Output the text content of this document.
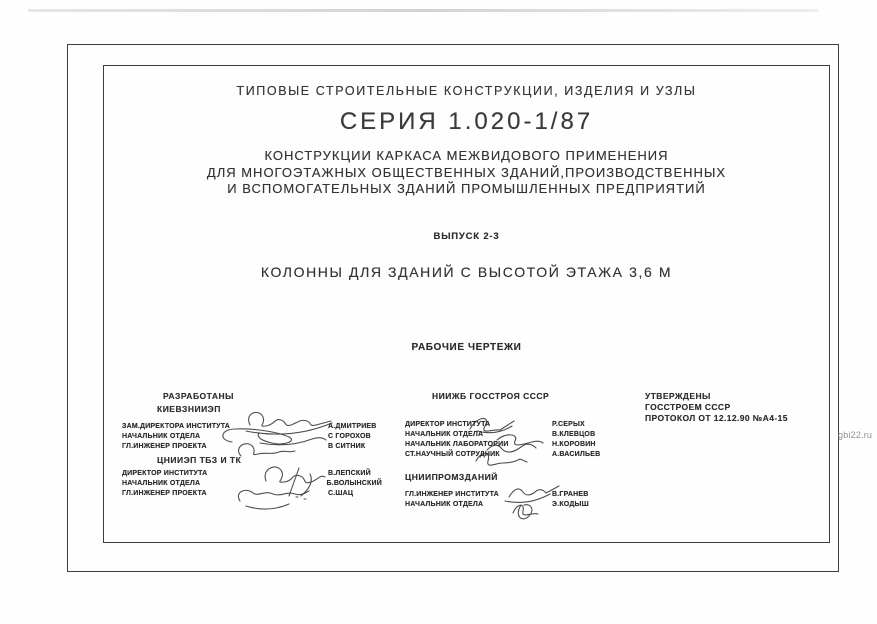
ТИПОВЫЕ СТРОИТЕЛЬНЫЕ КОНСТРУКЦИИ, ИЗДЕЛИЯ И УЗЛЫ
СЕРИЯ 1.020-1/87
КОНСТРУКЦИИ КАРКАСА МЕЖВИДОВОГО ПРИМЕНЕНИЯ
ДЛЯ МНОГОЭТАЖНЫХ ОБЩЕСТВЕННЫХ ЗДАНИЙ,ПРОИЗВОДСТВЕННЫХ
И ВСПОМОГАТЕЛЬНЫХ ЗДАНИЙ ПРОМЫШЛЕННЫХ ПРЕДПРИЯТИЙ
ВЫПУСК 2-3
КОЛОННЫ ДЛЯ ЗДАНИЙ С ВЫСОТОЙ ЭТАЖА 3,6 М
РАБОЧИЕ ЧЕРТЕЖИ
РАЗРАБОТАНЫ
КИЕВЗНИИЭП
ЗАМ.ДИРЕКТОРА ИНСТИТУТА	А.ДМИТРИЕВ
НАЧАЛЬНИК ОТДЕЛА	С ГОРОХОВ
ГЛ.ИНЖЕНЕР ПРОЕКТА	В СИТНИК
ЦНИИЭП ТБЗ И ТК
ДИРЕКТОР ИНСТИТУТА	В.ЛЕПСКИЙ
НАЧАЛЬНИК ОТДЕЛА	Б.ВОЛЫНСКИЙ
ГЛ.ИНЖЕНЕР ПРОЕКТА	С.ШАЦ
НИИЖБ ГОССТРОЯ СССР
ДИРЕКТОР ИНСТИТУТА	Р.СЕРЫХ
НАЧАЛЬНИК ОТДЕЛА	В.КЛЕВЦОВ
НАЧАЛЬНИК ЛАБОРАТОРИИ	Н.КОРОВИН
СТ.НАУЧНЫЙ СОТРУДНИК	А.ВАСИЛЬЕВ
ЦНИИПРОМЗДАНИЙ
ГЛ.ИНЖЕНЕР ИНСТИТУТА	В.ГРАНЕВ
НАЧАЛЬНИК ОТДЕЛА	Э.КОДЫШ
УТВЕРЖДЕНЫ
ГОССТРОЕМ СССР
ПРОТОКОЛ ОТ 12.12.90 №А4-15
gbi22.ru
